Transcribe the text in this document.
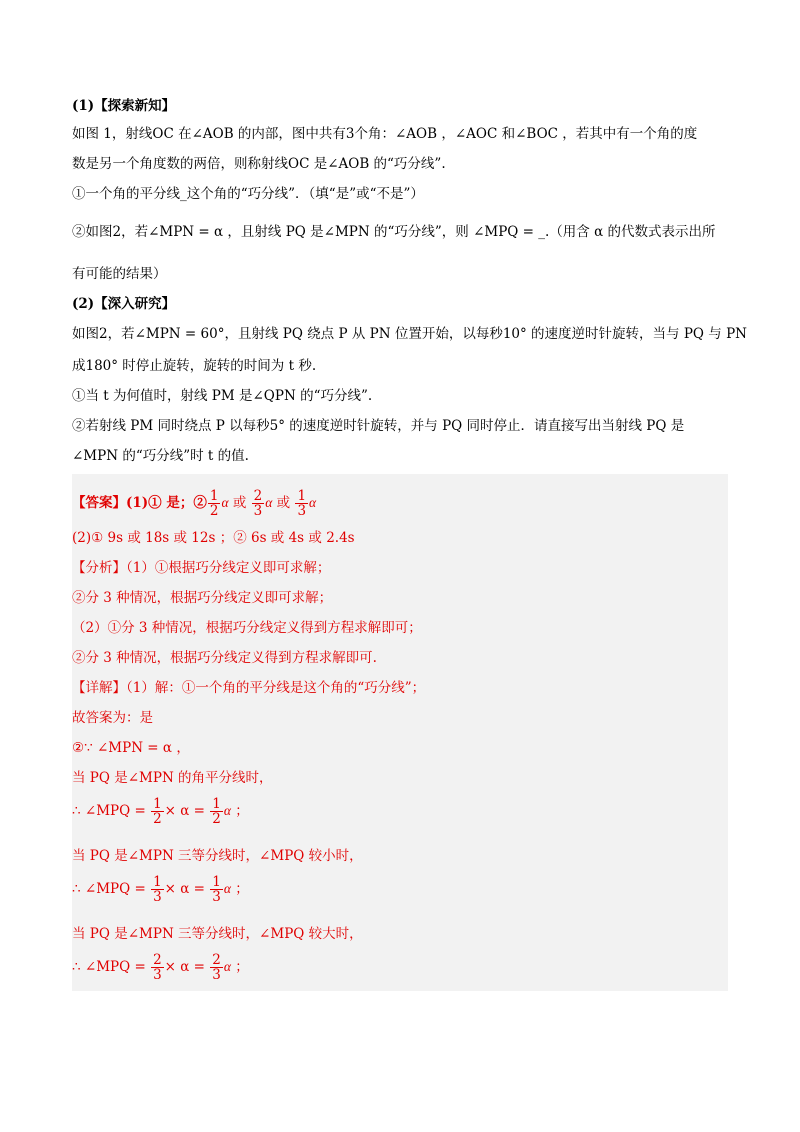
(1)【探索新知】
如图 1，射线OC 在∠AOB 的内部，图中共有3个角：∠AOB ，∠AOC 和∠BOC ，若其中有一个角的度
数是另一个角度数的两倍，则称射线OC 是∠AOB 的“巧分线”.
①一个角的平分线_这个角的“巧分线”．（填“是”或“不是”）
②如图2，若∠MPN = α ，且射线 PQ 是∠MPN 的“巧分线”，则 ∠MPQ = _.（用含 α 的代数式表示出所
有可能的结果）
(2)【深入研究】
如图2，若∠MPN = 60°，且射线 PQ 绕点 P 从 PN 位置开始，以每秒10° 的速度逆时针旋转，当与 PQ 与 PN
成180° 时停止旋转，旋转的时间为 t 秒.
①当 t 为何值时，射线 PM 是∠QPN 的“巧分线”.
②若射线 PM 同时绕点 P 以每秒5° 的速度逆时针旋转，并与 PQ 同时停止．请直接写出当射线 PQ 是
∠MPN 的“巧分线”时 t 的值.
【答案】(1)① 是；② $\frac{1}{2}$ α 或 $\frac{2}{3}$ α 或 $\frac{1}{3}$ α
(2)① 9s 或 18s 或 12s ；② 6s 或 4s 或 2.4s
【分析】（1）①根据巧分线定义即可求解；
②分 3 种情况，根据巧分线定义即可求解；
（2）①分 3 种情况，根据巧分线定义得到方程求解即可；
②分 3 种情况，根据巧分线定义得到方程求解即可.
【详解】（1）解：①一个角的平分线是这个角的“巧分线”；
故答案为：是
②∵ ∠MPN = α ，
当 PQ 是∠MPN 的角平分线时，
∴ ∠MPQ = $\frac{1}{2} \times \alpha = \frac{1}{2}$ α ；
当 PQ 是∠MPN 三等分线时，∠MPQ 较小时，
∴ ∠MPQ = $\frac{1}{3} \times \alpha = \frac{1}{3}$ α ；
当 PQ 是∠MPN 三等分线时，∠MPQ 较大时，
∴ ∠MPQ = $\frac{2}{3} \times \alpha = \frac{2}{3}$ α ；
